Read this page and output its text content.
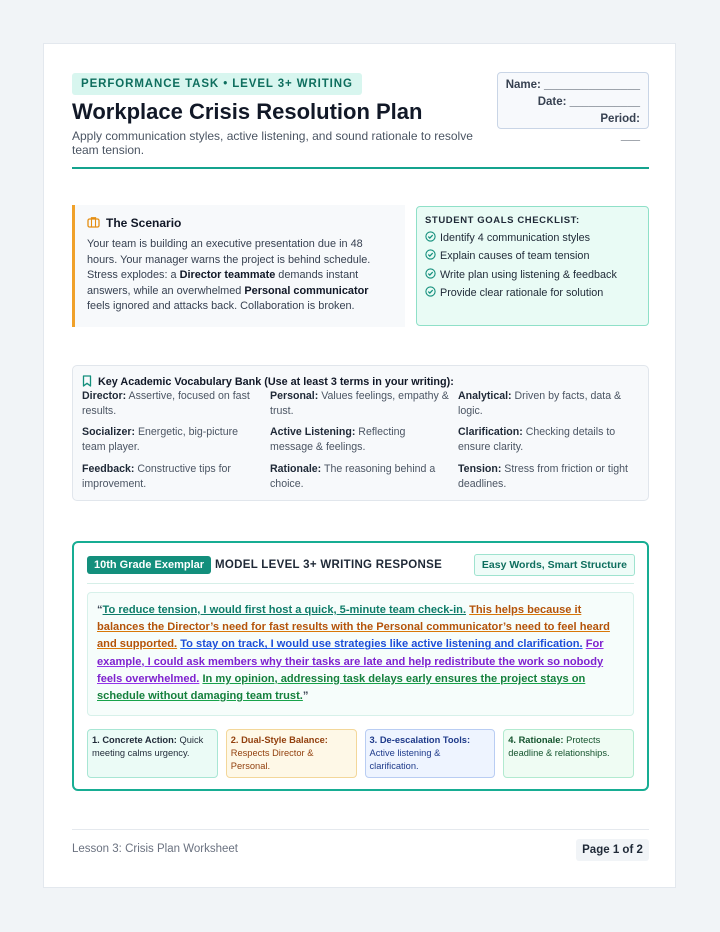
PERFORMANCE TASK • LEVEL 3+ WRITING
Workplace Crisis Resolution Plan
Apply communication styles, active listening, and sound rationale to resolve team tension.
Name: _______________
Date: ___________ Period:
___
The Scenario
Your team is building an executive presentation due in 48 hours. Your manager warns the project is behind schedule. Stress explodes: a Director teammate demands instant answers, while an overwhelmed Personal communicator feels ignored and attacks back. Collaboration is broken.
STUDENT GOALS CHECKLIST:
Identify 4 communication styles
Explain causes of team tension
Write plan using listening & feedback
Provide clear rationale for solution
Key Academic Vocabulary Bank (Use at least 3 terms in your writing):
Director: Assertive, focused on fast results.
Personal: Values feelings, empathy & trust.
Analytical: Driven by facts, data & logic.
Socializer: Energetic, big-picture team player.
Active Listening: Reflecting message & feelings.
Clarification: Checking details to ensure clarity.
Feedback: Constructive tips for improvement.
Rationale: The reasoning behind a choice.
Tension: Stress from friction or tight deadlines.
10th Grade Exemplar MODEL LEVEL 3+ WRITING RESPONSE	Easy Words, Smart Structure
“To reduce tension, I would first host a quick, 5-minute team check-in. This helps because it balances the Director’s need for fast results with the Personal communicator’s need to feel heard and supported. To stay on track, I would use strategies like active listening and clarification. For example, I could ask members why their tasks are late and help redistribute the work so nobody feels overwhelmed. In my opinion, addressing task delays early ensures the project stays on schedule without damaging team trust.”
1. Concrete Action: Quick meeting calms urgency.
2. Dual-Style Balance: Respects Director & Personal.
3. De-escalation Tools: Active listening & clarification.
4. Rationale: Protects deadline & relationships.
Lesson 3: Crisis Plan Worksheet	Page 1 of 2
